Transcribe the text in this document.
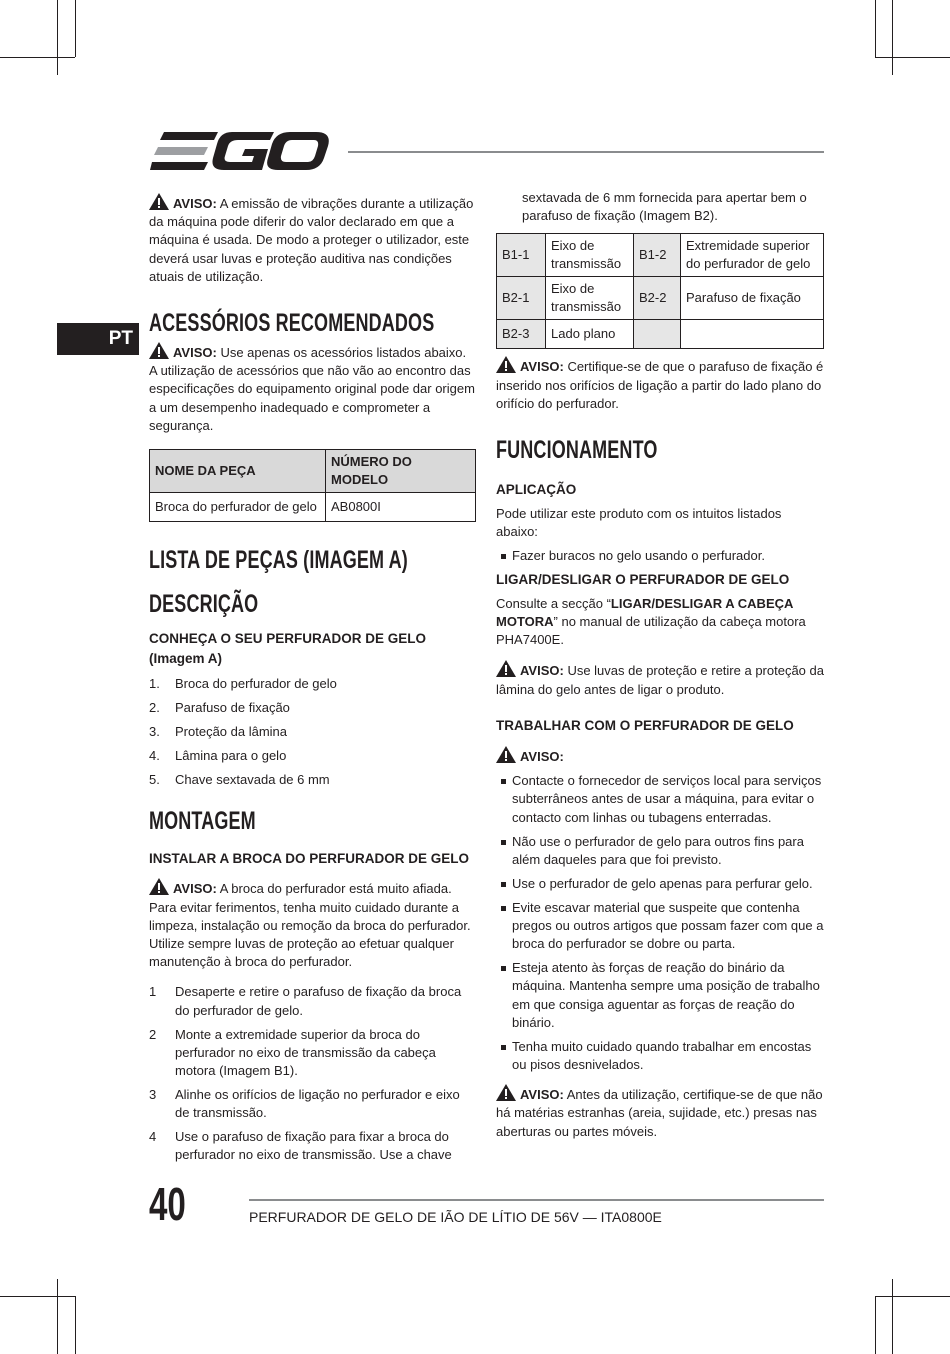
PT

AVISO: A emissão de vibrações durante a utilização da máquina pode diferir do valor declarado em que a máquina é usada. De modo a proteger o utilizador, este deverá usar luvas e proteção auditiva nas condições atuais de utilização.

ACESSÓRIOS RECOMENDADOS

AVISO: Use apenas os acessórios listados abaixo. A utilização de acessórios que não vão ao encontro das especificações do equipamento original pode dar origem a um desempenho inadequado e comprometer a segurança.

NOME DA PEÇA	NÚMERO DO MODELO
Broca do perfurador de gelo	AB0800I
LISTA DE PEÇAS (IMAGEM A)
DESCRIÇÃO

CONHEÇA O SEU PERFURADOR DE GELO (Imagem A)

1. Broca do perfurador de gelo
2. Parafuso de fixação
3. Proteção da lâmina
4. Lâmina para o gelo
5. Chave sextavada de 6 mm
MONTAGEM

INSTALAR A BROCA DO PERFURADOR DE GELO

AVISO: A broca do perfurador está muito afiada. Para evitar ferimentos, tenha muito cuidado durante a limpeza, instalação ou remoção da broca do perfurador. Utilize sempre luvas de proteção ao efetuar qualquer manutenção à broca do perfurador.

1 Desaperte e retire o parafuso de fixação da broca do perfurador de gelo.
2 Monte a extremidade superior da broca do perfurador no eixo de transmissão da cabeça motora (Imagem B1).
3 Alinhe os orifícios de ligação no perfurador e eixo de transmissão.
4 Use o parafuso de fixação para fixar a broca do perfurador no eixo de transmissão. Use a chave

sextavada de 6 mm fornecida para apertar bem o parafuso de fixação (Imagem B2).

B1-1	Eixo de transmissão	B1-2	Extremidade superior do perfurador de gelo
B2-1	Eixo de transmissão	B2-2	Parafuso de fixação
B2-3	Lado plano		

AVISO: Certifique-se de que o parafuso de fixação é inserido nos orifícios de ligação a partir do lado plano do orifício do perfurador.

FUNCIONAMENTO

APLICAÇÃO

Pode utilizar este produto com os intuitos listados abaixo:

Fazer buracos no gelo usando o perfurador.

LIGAR/DESLIGAR O PERFURADOR DE GELO

Consulte a secção “LIGAR/DESLIGAR A CABEÇA MOTORA” no manual de utilização da cabeça motora PHA7400E.

AVISO: Use luvas de proteção e retire a proteção da lâmina do gelo antes de ligar o produto.

TRABALHAR COM O PERFURADOR DE GELO

AVISO:

Contacte o fornecedor de serviços local para serviços subterrâneos antes de usar a máquina, para evitar o contacto com linhas ou tubagens enterradas.
Não use o perfurador de gelo para outros fins para além daqueles para que foi previsto.
Use o perfurador de gelo apenas para perfurar gelo.
Evite escavar material que suspeite que contenha pregos ou outros artigos que possam fazer com que a broca do perfurador se dobre ou parta.
Esteja atento às forças de reação do binário da máquina. Mantenha sempre uma posição de trabalho em que consiga aguentar as forças de reação do binário.
Tenha muito cuidado quando trabalhar em encostas ou pisos desnivelados.

AVISO: Antes da utilização, certifique-se de que não há matérias estranhas (areia, sujidade, etc.) presas nas aberturas ou partes móveis.

40	PERFURADOR DE GELO DE IÃO DE LÍTIO DE 56V — ITA0800E
